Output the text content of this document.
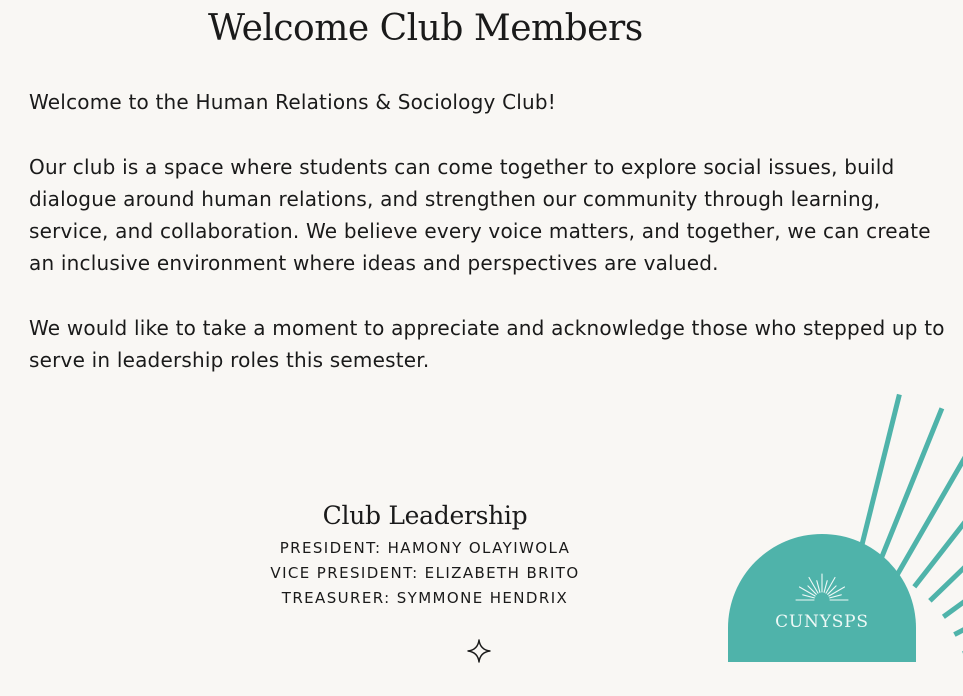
Welcome Club Members

Welcome to the Human Relations & Sociology Club!

Our club is a space where students can come together to explore social issues, build dialogue around human relations, and strengthen our community through learning, service, and collaboration. We believe every voice matters, and together, we can create an inclusive environment where ideas and perspectives are valued.

We would like to take a moment to appreciate and acknowledge those who stepped up to serve in leadership roles this semester.

Club Leadership
PRESIDENT: HAMONY OLAYIWOLA
VICE PRESIDENT: ELIZABETH BRITO
TREASURER: SYMMONE HENDRIX
CUNYSPS
